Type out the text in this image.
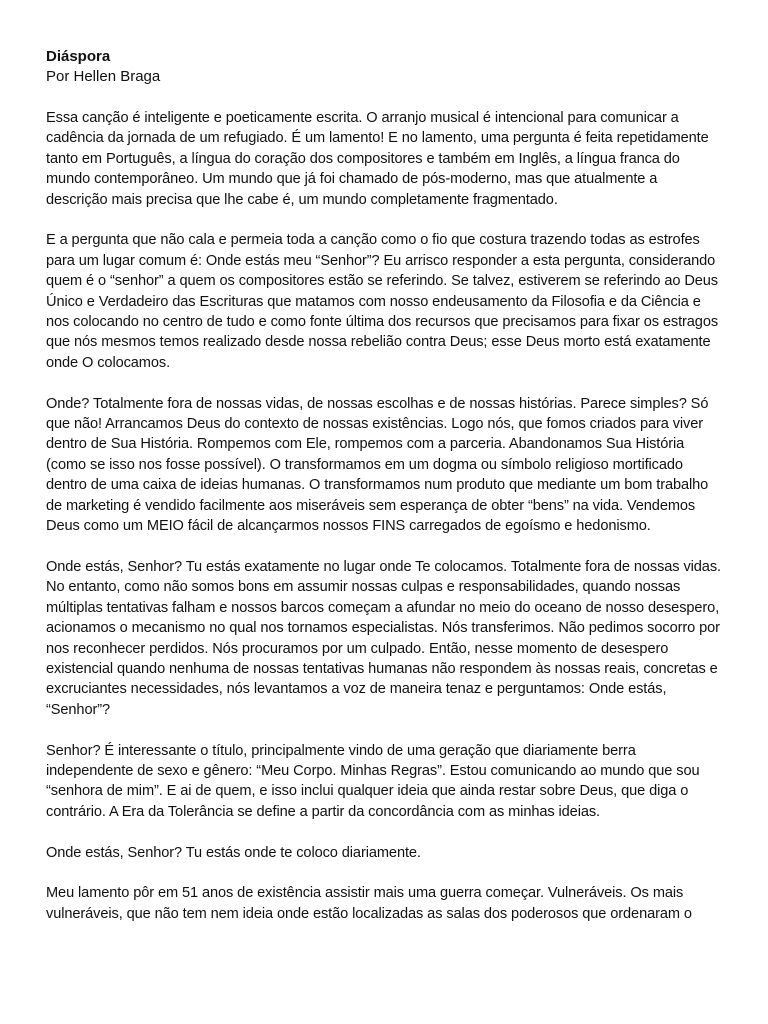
Diáspora

Por Hellen Braga

Essa canção é inteligente e poeticamente escrita. O arranjo musical é intencional para comunicar a cadência da jornada de um refugiado. É um lamento! E no lamento, uma pergunta é feita repetidamente tanto em Português, a língua do coração dos compositores e também em Inglês, a língua franca do mundo contemporâneo. Um mundo que já foi chamado de pós-moderno, mas que atualmente a descrição mais precisa que lhe cabe é, um mundo completamente fragmentado.

E a pergunta que não cala e permeia toda a canção como o fio que costura trazendo todas as estrofes para um lugar comum é: Onde estás meu “Senhor”? Eu arrisco responder a esta pergunta, considerando quem é o “senhor” a quem os compositores estão se referindo. Se talvez, estiverem se referindo ao Deus Único e Verdadeiro das Escrituras que matamos com nosso endeusamento da Filosofia e da Ciência e nos colocando no centro de tudo e como fonte última dos recursos que precisamos para fixar os estragos que nós mesmos temos realizado desde nossa rebelião contra Deus; esse Deus morto está exatamente onde O colocamos.

Onde? Totalmente fora de nossas vidas, de nossas escolhas e de nossas histórias. Parece simples? Só que não! Arrancamos Deus do contexto de nossas existências. Logo nós, que fomos criados para viver dentro de Sua História. Rompemos com Ele, rompemos com a parceria. Abandonamos Sua História (como se isso nos fosse possível). O transformamos em um dogma ou símbolo religioso mortificado dentro de uma caixa de ideias humanas. O transformamos num produto que mediante um bom trabalho de marketing é vendido facilmente aos miseráveis sem esperança de obter “bens” na vida. Vendemos Deus como um MEIO fácil de alcançarmos nossos FINS carregados de egoísmo e hedonismo.

Onde estás, Senhor? Tu estás exatamente no lugar onde Te colocamos. Totalmente fora de nossas vidas. No entanto, como não somos bons em assumir nossas culpas e responsabilidades, quando nossas múltiplas tentativas falham e nossos barcos começam a afundar no meio do oceano de nosso desespero, acionamos o mecanismo no qual nos tornamos especialistas. Nós transferimos. Não pedimos socorro por nos reconhecer perdidos. Nós procuramos por um culpado. Então, nesse momento de desespero existencial quando nenhuma de nossas tentativas humanas não respondem às nossas reais, concretas e excruciantes necessidades, nós levantamos a voz de maneira tenaz e perguntamos: Onde estás, “Senhor”?

Senhor? É interessante o título, principalmente vindo de uma geração que diariamente berra independente de sexo e gênero: “Meu Corpo. Minhas Regras”. Estou comunicando ao mundo que sou “senhora de mim”. E ai de quem, e isso inclui qualquer ideia que ainda restar sobre Deus, que diga o contrário. A Era da Tolerância se define a partir da concordância com as minhas ideias.

Onde estás, Senhor? Tu estás onde te coloco diariamente.

Meu lamento pôr em 51 anos de existência assistir mais uma guerra começar. Vulneráveis. Os mais vulneráveis, que não tem nem ideia onde estão localizadas as salas dos poderosos que ordenaram o
